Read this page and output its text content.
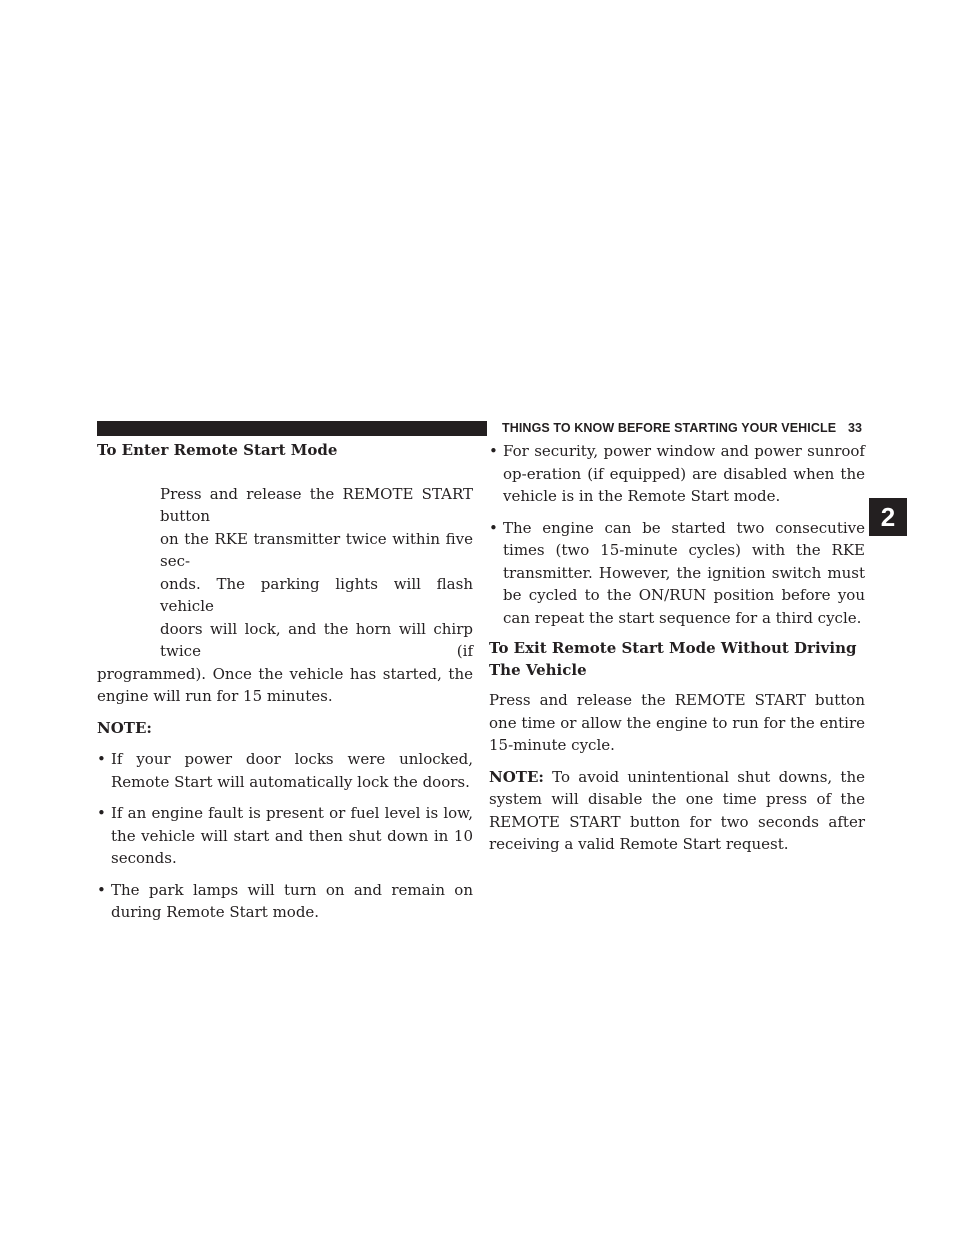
THINGS TO KNOW BEFORE STARTING YOUR VEHICLE 33
2
To Enter Remote Start Mode
Press and release the REMOTE START button
on the RKE transmitter twice within five sec-
onds. The parking lights will flash vehicle
doors will lock, and the horn will chirp twice (if

programmed). Once the vehicle has started, the engine will run for 15 minutes.

NOTE:
• If your power door locks were unlocked, Remote Start will automatically lock the doors.
• If an engine fault is present or fuel level is low, the vehicle will start and then shut down in 10 seconds.
• The park lamps will turn on and remain on during Remote Start mode.
• For security, power window and power sunroof op-eration (if equipped) are disabled when the vehicle is in the Remote Start mode.
• The engine can be started two consecutive times (two 15-minute cycles) with the RKE transmitter. However, the ignition switch must be cycled to the ON/RUN position before you can repeat the start sequence for a third cycle.
To Exit Remote Start Mode Without Driving The Vehicle

Press and release the REMOTE START button one time or allow the engine to run for the entire 15-minute cycle.

NOTE: To avoid unintentional shut downs, the system will disable the one time press of the REMOTE START button for two seconds after receiving a valid Remote Start request.
